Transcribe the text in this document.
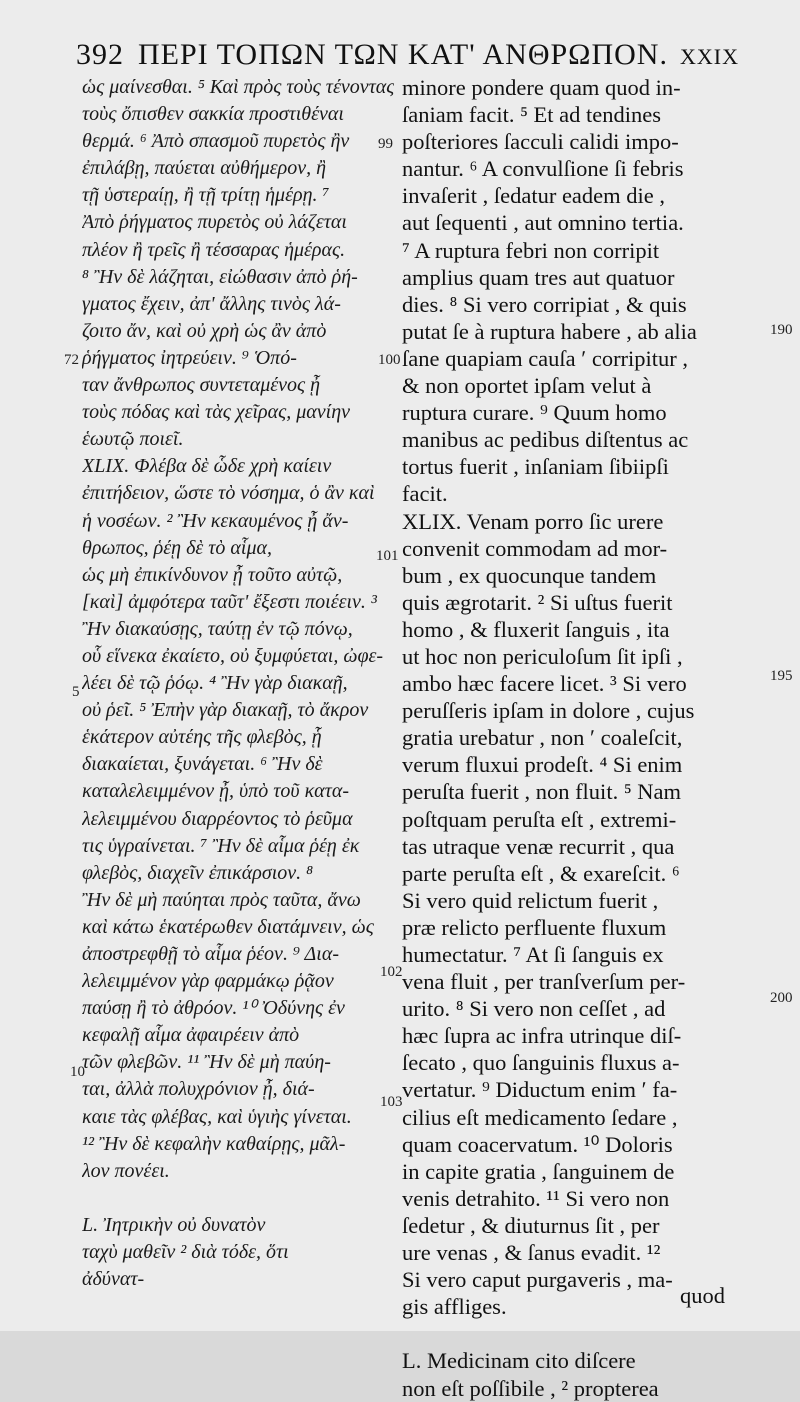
392 ΠΕΡΙ ΤΟΠΩΝ ΤΩΝ ΚΑΤ' ΑΝΘΡΩΠΟΝ. XXIX
ὡς μαίνεσθαι. ⁵ Καὶ πρὸς τοὺς τένοντας
τοὺς ὄπισθεν σακκία προστιθέναι
θερμά. ⁶ Ἀπὸ σπασμοῦ πυρετὸς ἢν
ἐπιλάβῃ, παύεται αὐθήμερον, ἢ
τῇ ὑστεραίῃ, ἢ τῇ τρίτῃ ἡμέρῃ. ⁷
Ἀπὸ ῥήγματος πυρετὸς οὐ λάζεται
πλέον ἢ τρεῖς ἢ τέσσαρας ἡμέρας.
⁸ Ἢν δὲ λάζηται, εἰώθασιν ἀπὸ ῥή-
γματος ἔχειν, ἀπ' ἄλλης τινὸς λά-
ζοιτο ἄν, καὶ οὐ χρὴ ὡς ἂν ἀπὸ
ῥήγματος ἰητρεύειν. ⁹ Ὁπό-
ταν ἄνθρωπος συντεταμένος ᾖ
τοὺς πόδας καὶ τὰς χεῖρας, μανίην
ἑωυτῷ ποιεῖ.
XLIX. Φλέβα δὲ ὧδε χρὴ καίειν
ἐπιτήδειον, ὥστε τὸ νόσημα, ὁ ἂν καὶ
ἡ νοσέων. ² Ἢν κεκαυμένος ᾖ ἄν-
θρωπος, ῥέῃ δὲ τὸ αἷμα,
ὡς μὴ ἐπικίνδυνον ᾖ τοῦτο αὐτῷ,
[καὶ] ἀμφότερα ταῦτ' ἔξεστι ποιέειν. ³
Ἢν διακαύσῃς, ταύτῃ ἐν τῷ πόνῳ,
οὗ εἵνεκα ἐκαίετο, οὐ ξυμφύεται, ὠφε-
λέει δὲ τῷ ῥόῳ. ⁴ Ἢν γὰρ διακαῇ,
οὐ ῥεῖ. ⁵ Ἐπὴν γὰρ διακαῇ, τὸ ἄκρον
ἑκάτερον αὐτέης τῆς φλεβὸς, ᾗ
διακαίεται, ξυνάγεται. ⁶ Ἢν δὲ
καταλελειμμένον ᾖ, ὑπὸ τοῦ κατα-
λελειμμένου διαρρέοντος τὸ ῥεῦμα
τις ὑγραίνεται. ⁷ Ἢν δὲ αἷμα ῥέῃ ἐκ
φλεβὸς, διαχεῖν ἐπικάρσιον. ⁸
Ἢν δὲ μὴ παύηται πρὸς ταῦτα, ἄνω
καὶ κάτω ἑκατέρωθεν διατάμνειν, ὡς
ἀποστρεφθῇ τὸ αἷμα ῥέον. ⁹ Δια-
λελειμμένον γὰρ φαρμάκῳ ῥᾷον
παύσῃ ἢ τὸ ἀθρόον. ¹⁰ Ὀδύνης ἐν
κεφαλῇ αἷμα ἀφαιρέειν ἀπὸ
τῶν φλεβῶν. ¹¹ Ἢν δὲ μὴ παύη-
ται, ἀλλὰ πολυχρόνιον ᾖ, διά-
καιε τὰς φλέβας, καὶ ὑγιὴς γίνεται.
¹² Ἢν δὲ κεφαλὴν καθαίρῃς, μᾶλ-
λον πονέει.
L. Ἰητρικὴν οὐ δυνατὸν
ταχὺ μαθεῖν ² διὰ τόδε, ὅτι
ἀδύνατ-
minore pondere quam quod in-
ſaniam facit. ⁵ Et ad tendines
poſteriores ſacculi calidi impo-
nantur. ⁶ A convulſione ſi febris
invaſerit , ſedatur eadem die ,
aut ſequenti , aut omnino tertia.
⁷ A ruptura febri non corripit
amplius quam tres aut quatuor
dies. ⁸ Si vero corripiat , & quis
putat ſe à ruptura habere , ab alia
ſane quapiam cauſa ʹ corripitur ,
& non oportet ipſam velut à
ruptura curare. ⁹ Quum homo
manibus ac pedibus diſtentus ac
tortus fuerit , inſaniam ſibiipſi
facit.
XLIX. Venam porro ſic urere
convenit commodam ad mor-
bum , ex quocunque tandem
quis ægrotarit. ² Si uſtus fuerit
homo , & fluxerit ſanguis , ita
ut hoc non periculoſum ſit ipſi ,
ambo hæc facere licet. ³ Si vero
peruſſeris ipſam in dolore , cujus
gratia urebatur , non ʹ coaleſcit,
verum fluxui prodeſt. ⁴ Si enim
peruſta fuerit , non fluit. ⁵ Nam
poſtquam peruſta eſt , extremi-
tas utraque venæ recurrit , qua
parte peruſta eſt , & exareſcit. ⁶
Si vero quid relictum fuerit ,
præ relicto perfluente fluxum
humectatur. ⁷ At ſi ſanguis ex
vena fluit , per tranſverſum per-
urito. ⁸ Si vero non ceſſet , ad
hæc ſupra ac infra utrinque diſ-
ſecato , quo ſanguinis fluxus a-
vertatur. ⁹ Diductum enim ʹ fa-
cilius eſt medicamento ſedare ,
quam coacervatum. ¹⁰ Doloris
in capite gratia , ſanguinem de
venis detrahito. ¹¹ Si vero non
ſedetur , & diuturnus ſit , per
ure venas , & ſanus evadit. ¹²
Si vero caput purgaveris , ma-
gis affliges.
L. Medicinam cito diſcere
non eſt poſſibile , ² propterea
99
100
101
102
103
190
195
200
72
5
10
quod
